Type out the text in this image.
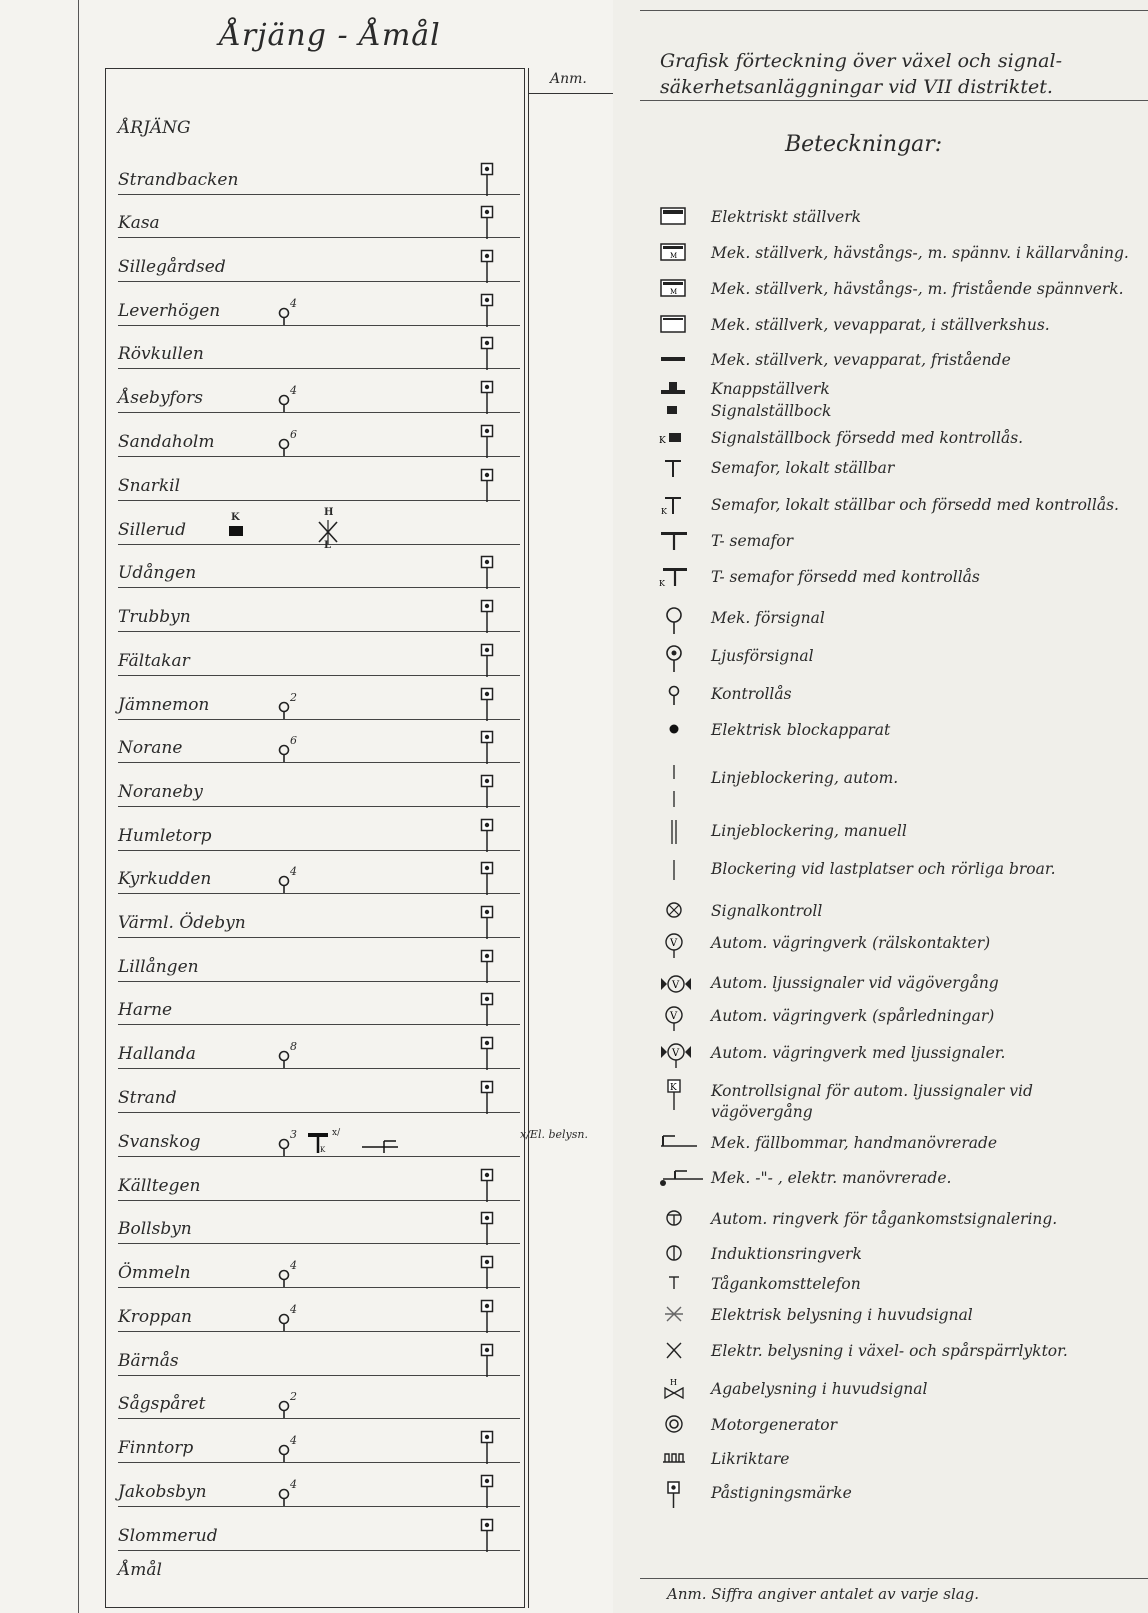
Årjäng - Åmål
Anm.
ÅRJÄNG
Strandbacken
Kasa
Sillegårdsed
Leverhögen	4
Rövkullen
Åsebyfors	4
Sandaholm	6
Snarkil
Sillerud
Udången
Trubbyn
Fältakar
Jämnemon	2
Norane	6
Noraneby
Humletorp
Kyrkudden	4
Värml. Ödebyn
Lillången
Harne
Hallanda	8
Strand
Svanskog	3
Källtegen
Bollsbyn
Ömmeln	4
Kroppan	4
Bärnås
Sågspåret	2
Finntorp	4
Jakobsbyn	4
Slommerud
K	H
L
K
x/
Åmål
x/El. belysn.
Grafisk förteckning över växel och signal-
säkerhetsanläggningar vid VII distriktet.
Beteckningar:
Elektriskt ställverk
M Mek. ställverk, hävstångs-, m. spännv. i källarvåning.
M Mek. ställverk, hävstångs-, m. fristående spännverk.
Mek. ställverk, vevapparat, i ställverkshus.
Mek. ställverk, vevapparat, fristående
Knappställverk
Signalställbock
K	Signalställbock försedd med kontrollås.
Semafor, lokalt ställbar
K	Semafor, lokalt ställbar och försedd med kontrollås.
T- semafor
K	T- semafor försedd med kontrollås
Mek. försignal
Ljusförsignal
Kontrollås
Elektrisk blockapparat
Linjeblockering, autom.
Linjeblockering, manuell
Blockering vid lastplatser och rörliga broar.
Signalkontroll
V Autom. vägringverk (rälskontakter)
V Autom. ljussignaler vid vägövergång
V Autom. vägringverk (spårledningar)
V Autom. vägringverk med ljussignaler.
K Kontrollsignal för autom. ljussignaler vid
Mek. fällbommar, handmanövrerade
Mek. -"- , elektr. manövrerade.
Autom. ringverk för tågankomstsignalering.
Induktionsringverk
Tågankomsttelefon
Elektrisk belysning i huvudsignal
Elektr. belysning i växel- och spårspärrlyktor.
H Agabelysning i huvudsignal
Motorgenerator
Likriktare
Påstigningsmärke
vägövergång
Anm. Siffra angiver antalet av varje slag.
